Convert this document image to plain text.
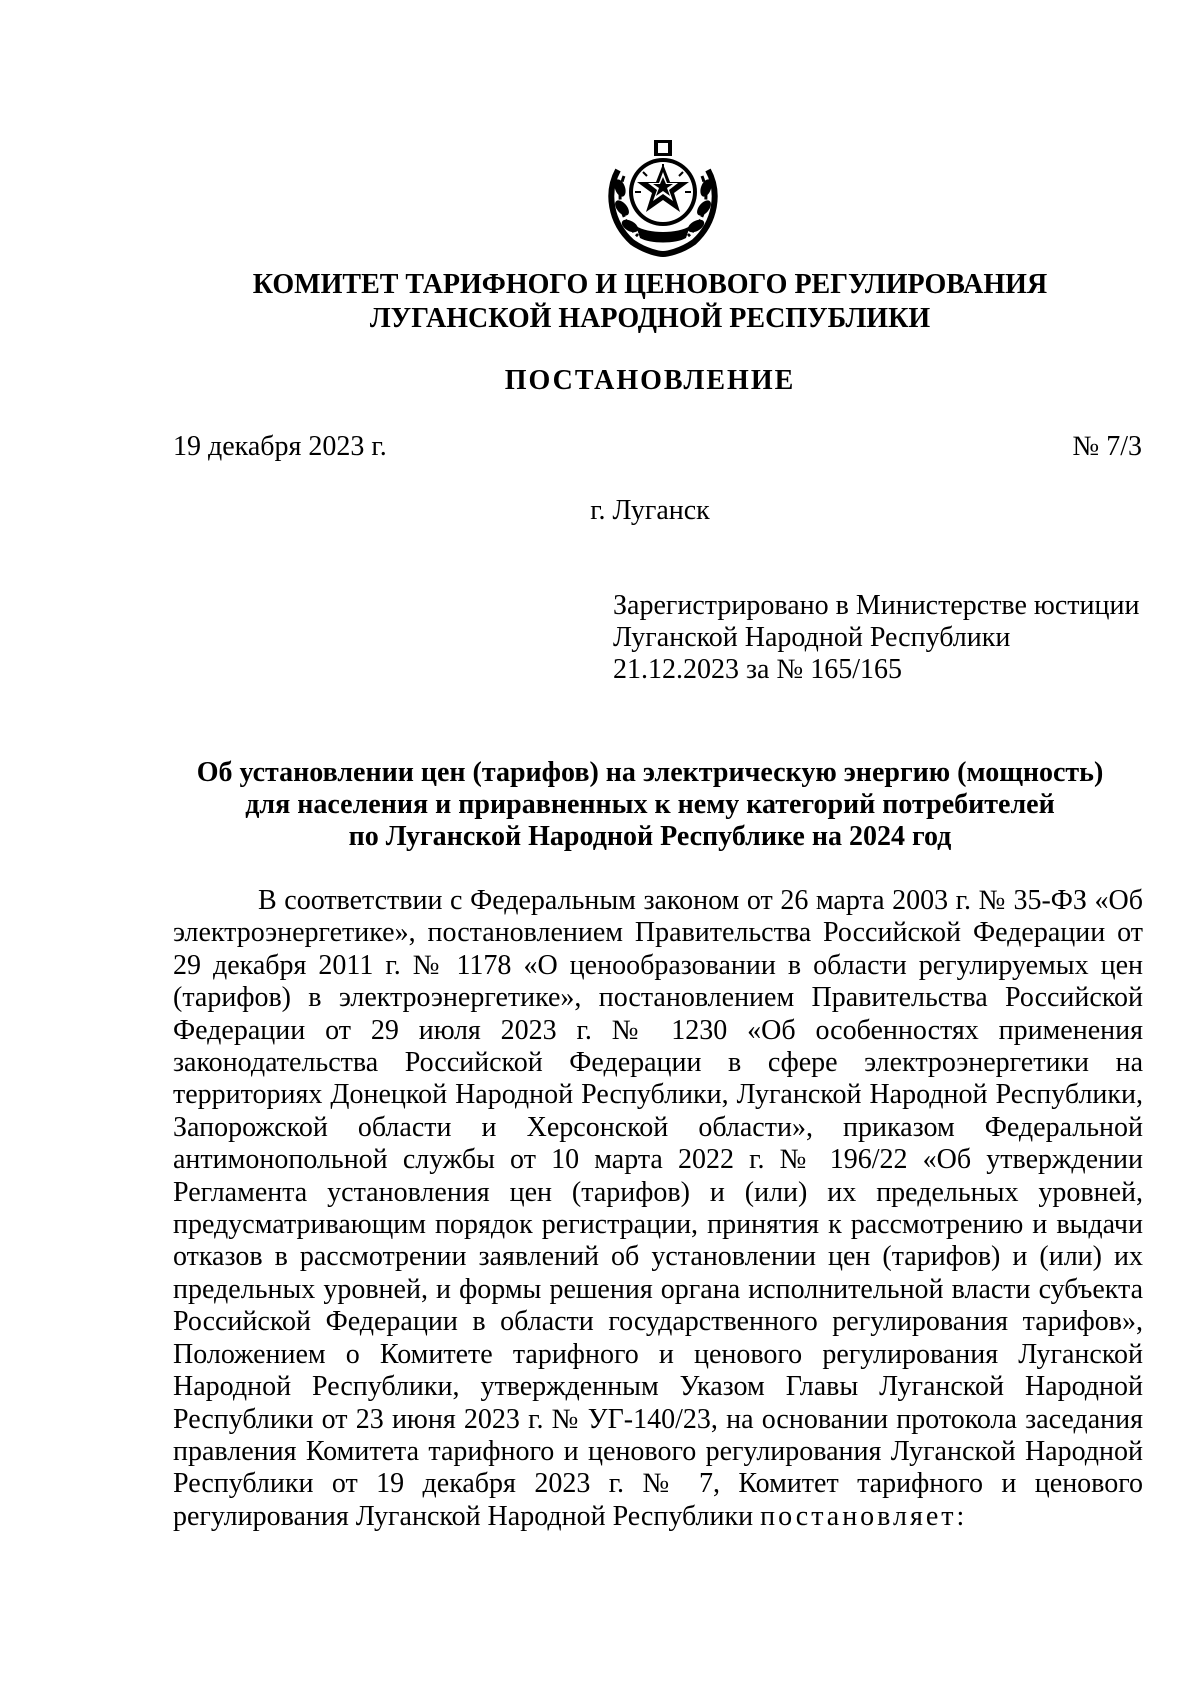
КОМИТЕТ ТАРИФНОГО И ЦЕНОВОГО РЕГУЛИРОВАНИЯ
ЛУГАНСКОЙ НАРОДНОЙ РЕСПУБЛИКИ
ПОСТАНОВЛЕНИЕ
19 декабря 2023 г.	№ 7/3
г. Луганск
Зарегистрировано в Министерстве юстиции
Луганской Народной Республики
21.12.2023 за № 165/165
Об установлении цен (тарифов) на электрическую энергию (мощность)
для населения и приравненных к нему категорий потребителей
по Луганской Народной Республике на 2024 год
В соответствии с Федеральным законом от 26 марта 2003 г. № 35-ФЗ «Об электроэнергетике», постановлением Правительства Российской Федерации от 29 декабря 2011 г. № 1178 «О ценообразовании в области регулируемых цен (тарифов) в электроэнергетике», постановлением Правительства Российской Федерации от 29 июля 2023 г. № 1230 «Об особенностях применения законодательства Российской Федерации в сфере электроэнергетики на территориях Донецкой Народной Республики, Луганской Народной Республики, Запорожской области и Херсонской области», приказом Федеральной антимонопольной службы от 10 марта 2022 г. № 196/22 «Об утверждении Регламента установления цен (тарифов) и (или) их предельных уровней, предусматривающим порядок регистрации, принятия к рассмотрению и выдачи отказов в рассмотрении заявлений об установлении цен (тарифов) и (или) их предельных уровней, и формы решения органа исполнительной власти субъекта Российской Федерации в области государственного регулирования тарифов», Положением о Комитете тарифного и ценового регулирования Луганской Народной Республики, утвержденным Указом Главы Луганской Народной Республики от 23 июня 2023 г. № УГ-140/23, на основании протокола заседания правления Комитета тарифного и ценового регулирования Луганской Народной Республики от 19 декабря 2023 г. № 7, Комитет тарифного и ценового регулирования Луганской Народной Республики постановляет:
